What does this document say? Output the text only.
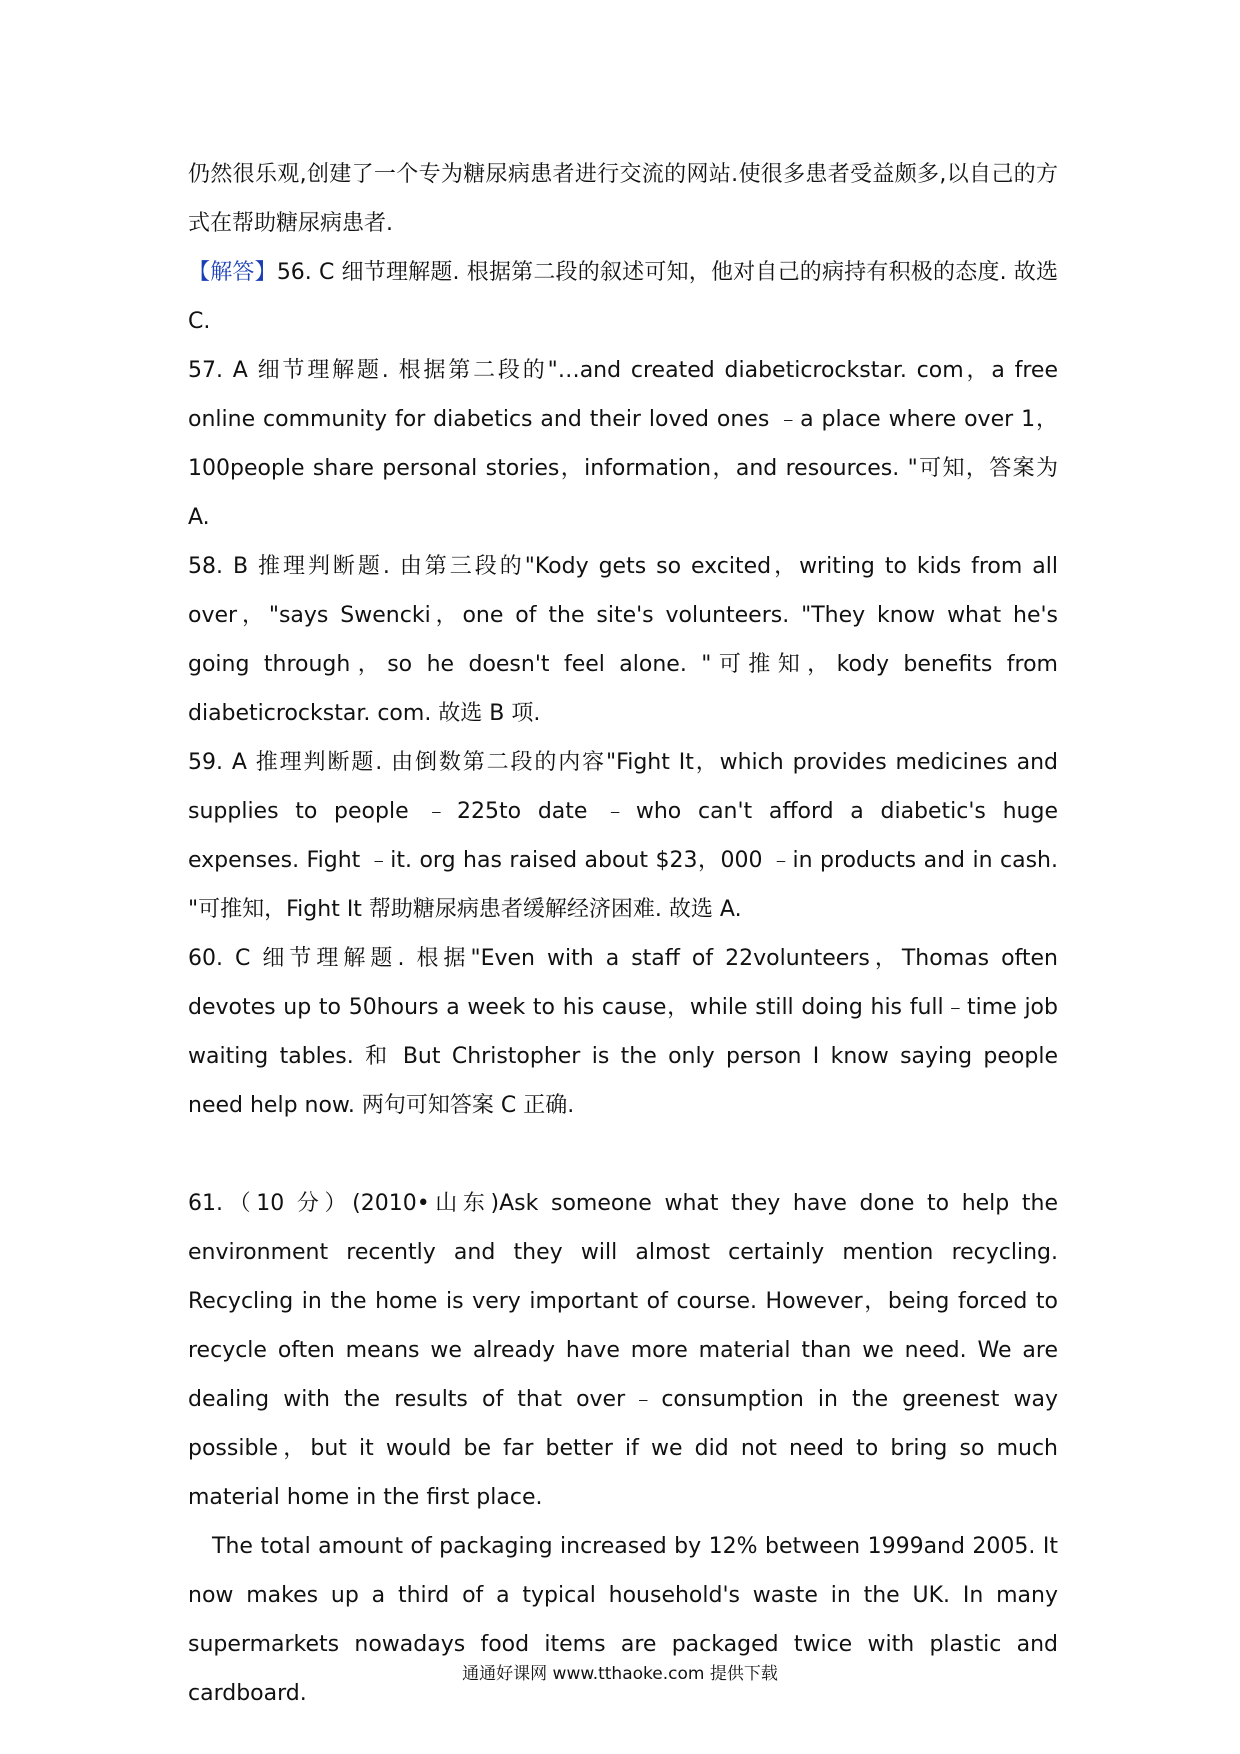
仍然很乐观,创建了一个专为糖尿病患者进行交流的网站.使很多患者受益颇多,以自己的方式在帮助糖尿病患者.

【解答】56. C 细节理解题. 根据第二段的叙述可知，他对自己的病持有积极的态度. 故选 C.

57. A 细节理解题. 根据第二段的"…and created diabeticrockstar. com，a free online community for diabetics and their loved ones ﹣a place where over 1，100people share personal stories，information，and resources. "可知，答案为 A.

58. B 推理判断题. 由第三段的"Kody gets so excited，writing to kids from all over，"says Swencki，one of the site's volunteers. "They know what he's going through，so he doesn't feel alone. "可推知，kody benefits from diabeticrockstar. com. 故选 B 项.

59. A 推理判断题. 由倒数第二段的内容"Fight It，which provides medicines and supplies to people ﹣225to date ﹣who can't afford a diabetic's huge expenses. Fight ﹣it. org has raised about $23，000 ﹣in products and in cash. "可推知，Fight It 帮助糖尿病患者缓解经济困难. 故选 A.

60. C 细节理解题. 根据"Even with a staff of 22volunteers，Thomas often devotes up to 50hours a week to his cause，while still doing his full﹣time job waiting tables. 和 But Christopher is the only person I know saying people need help now. 两句可知答案 C 正确.

61.（10 分）(2010•山东)Ask someone what they have done to help the environment recently and they will almost certainly mention recycling. Recycling in the home is very important of course. However，being forced to recycle often means we already have more material than we need. We are dealing with the results of that over﹣consumption in the greenest way possible，but it would be far better if we did not need to bring so much material home in the first place.

The total amount of packaging increased by 12% between 1999and 2005. It now makes up a third of a typical household's waste in the UK. In many supermarkets nowadays food items are packaged twice with plastic and cardboard.

通通好课网 www.tthaoke.com 提供下载
